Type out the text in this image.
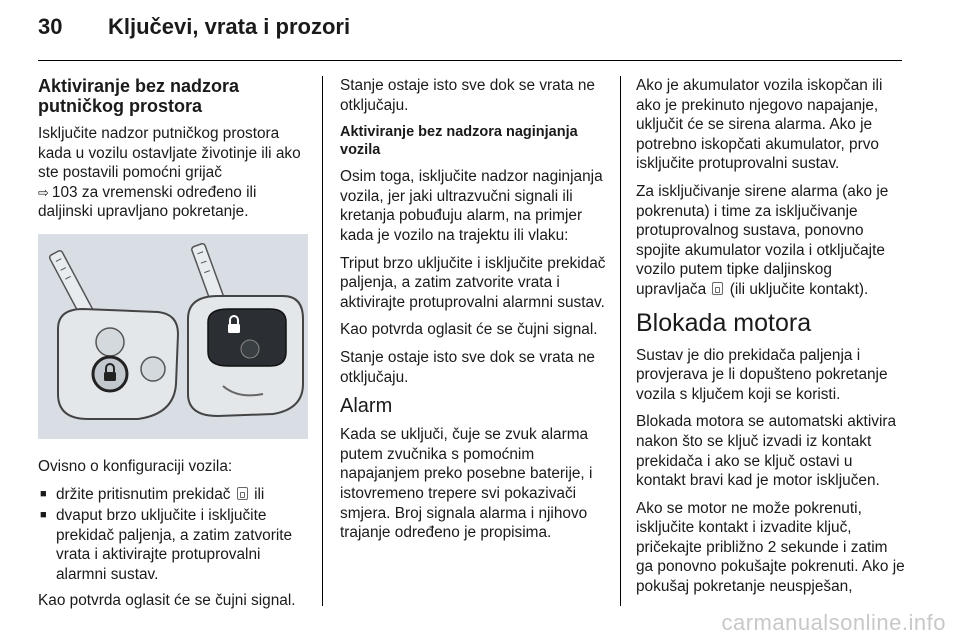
30	Ključevi, vrata i prozori

Aktiviranje bez nadzora putničkog prostora

Isključite nadzor putničkog prostora kada u vozilu ostavljate životinje ili ako ste postavili pomoćni grijač
⇨ 103 za vremenski određeno ili daljinski upravljano pokretanje.

Ovisno o konfiguraciji vozila:

■ držite pritisnutim prekidač ili
■ dvaput brzo uključite i isključite prekidač paljenja, a zatim zatvorite vrata i aktivirajte protuprovalni alarmni sustav.

Kao potvrda oglasit će se čujni signal.

Stanje ostaje isto sve dok se vrata ne otključaju.

Aktiviranje bez nadzora naginjanja vozila

Osim toga, isključite nadzor naginjanja vozila, jer jaki ultrazvučni signali ili kretanja pobuđuju alarm, na primjer kada je vozilo na trajektu ili vlaku:

Triput brzo uključite i isključite prekidač paljenja, a zatim zatvorite vrata i aktivirajte protuprovalni alarmni sustav.

Kao potvrda oglasit će se čujni signal.

Stanje ostaje isto sve dok se vrata ne otključaju.

Alarm

Kada se uključi, čuje se zvuk alarma putem zvučnika s pomoćnim napajanjem preko posebne baterije, i istovremeno trepere svi pokazivači smjera. Broj signala alarma i njihovo trajanje određeno je propisima.

Ako je akumulator vozila iskopčan ili ako je prekinuto njegovo napajanje, uključit će se sirena alarma. Ako je potrebno iskopčati akumulator, prvo isključite protuprovalni sustav.

Za isključivanje sirene alarma (ako je pokrenuta) i time za isključivanje protuprovalnog sustava, ponovno spojite akumulator vozila i otključajte vozilo putem tipke daljinskog upravljača (ili uključite kontakt).

Blokada motora

Sustav je dio prekidača paljenja i provjerava je li dopušteno pokretanje vozila s ključem koji se koristi.

Blokada motora se automatski aktivira nakon što se ključ izvadi iz kontakt prekidača i ako se ključ ostavi u kontakt bravi kad je motor isključen.

Ako se motor ne može pokrenuti, isključite kontakt i izvadite ključ, pričekajte približno 2 sekunde i zatim ga ponovno pokušajte pokrenuti. Ako je pokušaj pokretanje neuspješan,

carmanualsonline.info
